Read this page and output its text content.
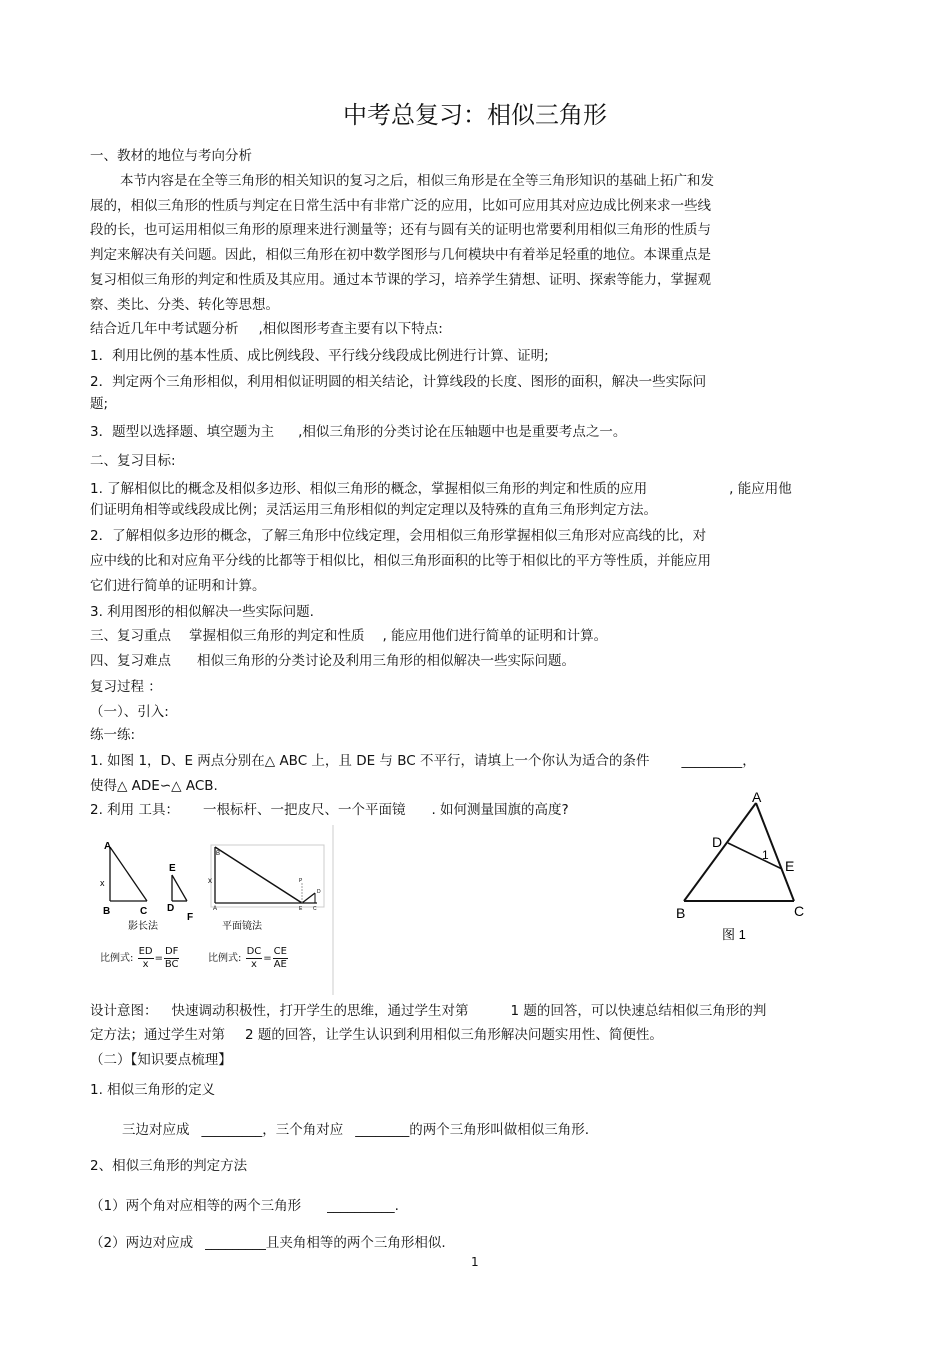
中考总复习：相似三角形
一、教材的地位与考向分析
本节内容是在全等三角形的相关知识的复习之后，相似三角形是在全等三角形知识的基础上拓广和发
展的，相似三角形的性质与判定在日常生活中有非常广泛的应用，比如可应用其对应边成比例来求一些线
段的长，也可运用相似三角形的原理来进行测量等；还有与圆有关的证明也常要利用相似三角形的性质与
判定来解决有关问题。因此，相似三角形在初中数学图形与几何模块中有着举足轻重的地位。本课重点是
复习相似三角形的判定和性质及其应用。通过本节课的学习，培养学生猜想、证明、探索等能力，掌握观
察、类比、分类、转化等思想。
结合近几年中考试题分析 ,相似图形考查主要有以下特点:
1．利用比例的基本性质、成比例线段、平行线分线段成比例进行计算、证明;
2．判定两个三角形相似，利用相似证明圆的相关结论，计算线段的长度、图形的面积，解决一些实际问
题;
3．题型以选择题、填空题为主 ,相似三角形的分类讨论在压轴题中也是重要考点之一。
二、复习目标:
1. 了解相似比的概念及相似多边形、相似三角形的概念，掌握相似三角形的判定和性质的应用	, 能应用他
们证明角相等或线段成比例；灵活运用三角形相似的判定定理以及特殊的直角三角形判定方法。
2．了解相似多边形的概念，了解三角形中位线定理，会用相似三角形掌握相似三角形对应高线的比，对
应中线的比和对应角平分线的比都等于相似比，相似三角形面积的比等于相似比的平方等性质，并能应用
它们进行简单的证明和计算。
3. 利用图形的相似解决一些实际问题.
三、复习重点 掌握相似三角形的判定和性质 , 能应用他们进行简单的证明和计算。
四、复习难点 相似三角形的分类讨论及利用三角形的相似解决一些实际问题。
复习过程 ：
（一）、引入:
练一练:
1. 如图 1，D、E 两点分别在△ ABC 上，且 DE 与 BC 不平行，请填上一个你认为适合的条件 _________，
使得△ ADE∽△ ACB.
2. 利用 工具： 一根标杆、一把皮尺、一个平面镜 . 如何测量国旗的高度?
A
x
B	C
E
D
F
影长法
B
x
A
P
D
E C
平面镜法
比例式: $\frac{ED}{x} = \frac{DF}{BC}$	比例式: $\frac{DC}{x} = \frac{CE}{AE}$
A
D
1
E
B	C
图 1
设计意图： 快速调动积极性，打开学生的思维，通过学生对第	1 题的回答，可以快速总结相似三角形的判
定方法；通过学生对第 2 题的回答，让学生认识到利用相似三角形解决问题实用性、简便性。
（二）【知识要点梳理】
1. 相似三角形的定义
三边对应成 _________，三个角对应 ________的两个三角形叫做相似三角形.
2、相似三角形的判定方法
（1）两个角对应相等的两个三角形 __________.
（2）两边对应成 _________且夹角相等的两个三角形相似.
1
